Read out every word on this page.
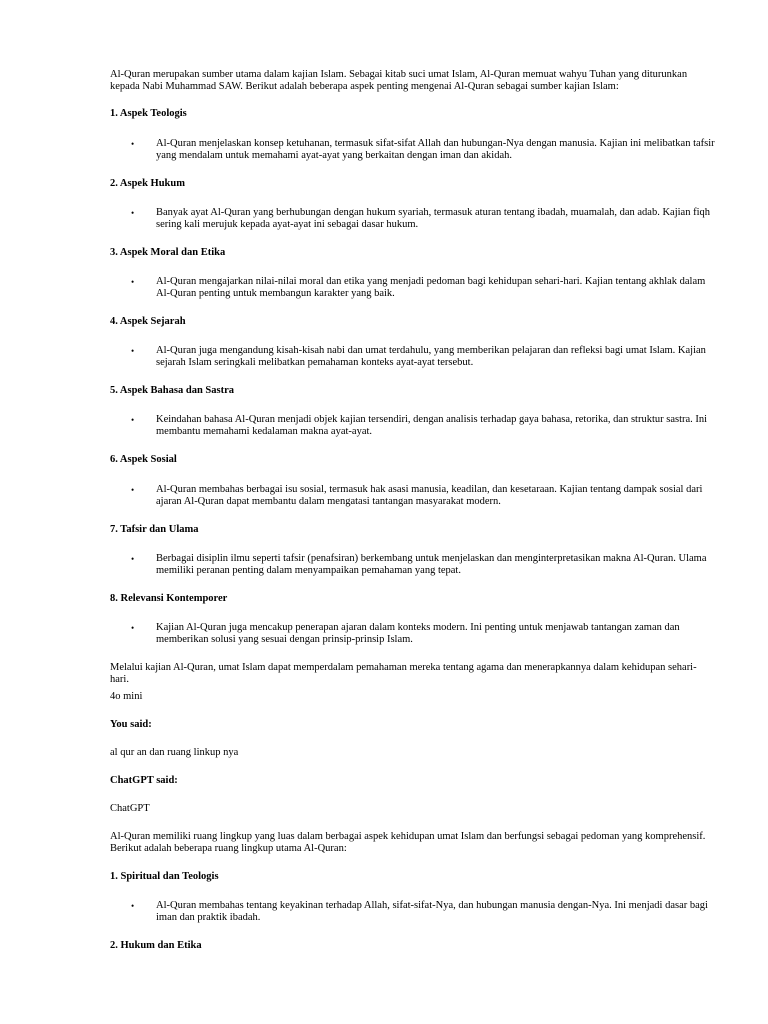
Al-Quran merupakan sumber utama dalam kajian Islam. Sebagai kitab suci umat Islam, Al-Quran memuat wahyu Tuhan yang diturunkan kepada Nabi Muhammad SAW. Berikut adalah beberapa aspek penting mengenai Al-Quran sebagai sumber kajian Islam:

1. Aspek Teologis

• Al-Quran menjelaskan konsep ketuhanan, termasuk sifat-sifat Allah dan hubungan-Nya dengan manusia. Kajian ini melibatkan tafsir yang mendalam untuk memahami ayat-ayat yang berkaitan dengan iman dan akidah.

2. Aspek Hukum

• Banyak ayat Al-Quran yang berhubungan dengan hukum syariah, termasuk aturan tentang ibadah, muamalah, dan adab. Kajian fiqh sering kali merujuk kepada ayat-ayat ini sebagai dasar hukum.

3. Aspek Moral dan Etika

• Al-Quran mengajarkan nilai-nilai moral dan etika yang menjadi pedoman bagi kehidupan sehari-hari. Kajian tentang akhlak dalam Al-Quran penting untuk membangun karakter yang baik.

4. Aspek Sejarah

• Al-Quran juga mengandung kisah-kisah nabi dan umat terdahulu, yang memberikan pelajaran dan refleksi bagi umat Islam. Kajian sejarah Islam seringkali melibatkan pemahaman konteks ayat-ayat tersebut.

5. Aspek Bahasa dan Sastra

• Keindahan bahasa Al-Quran menjadi objek kajian tersendiri, dengan analisis terhadap gaya bahasa, retorika, dan struktur sastra. Ini membantu memahami kedalaman makna ayat-ayat.

6. Aspek Sosial

• Al-Quran membahas berbagai isu sosial, termasuk hak asasi manusia, keadilan, dan kesetaraan. Kajian tentang dampak sosial dari ajaran Al-Quran dapat membantu dalam mengatasi tantangan masyarakat modern.

7. Tafsir dan Ulama

• Berbagai disiplin ilmu seperti tafsir (penafsiran) berkembang untuk menjelaskan dan menginterpretasikan makna Al-Quran. Ulama memiliki peranan penting dalam menyampaikan pemahaman yang tepat.

8. Relevansi Kontemporer

• Kajian Al-Quran juga mencakup penerapan ajaran dalam konteks modern. Ini penting untuk menjawab tantangan zaman dan memberikan solusi yang sesuai dengan prinsip-prinsip Islam.

Melalui kajian Al-Quran, umat Islam dapat memperdalam pemahaman mereka tentang agama dan menerapkannya dalam kehidupan sehari-hari.

4o mini

You said:

al qur an dan ruang linkup nya

ChatGPT said:

ChatGPT

Al-Quran memiliki ruang lingkup yang luas dalam berbagai aspek kehidupan umat Islam dan berfungsi sebagai pedoman yang komprehensif. Berikut adalah beberapa ruang lingkup utama Al-Quran:

1. Spiritual dan Teologis

• Al-Quran membahas tentang keyakinan terhadap Allah, sifat-sifat-Nya, dan hubungan manusia dengan-Nya. Ini menjadi dasar bagi iman dan praktik ibadah.

2. Hukum dan Etika
